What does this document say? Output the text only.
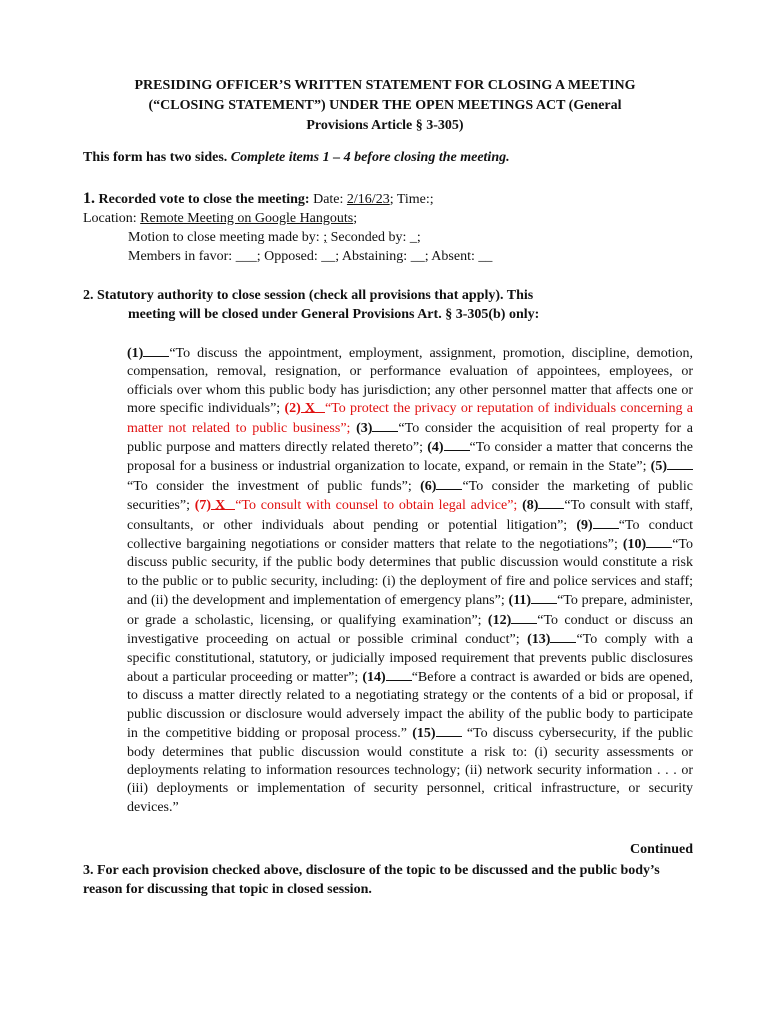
PRESIDING OFFICER’S WRITTEN STATEMENT FOR CLOSING A MEETING
(“CLOSING STATEMENT”) UNDER THE OPEN MEETINGS ACT (General
Provisions Article § 3-305)

This form has two sides. Complete items 1 – 4 before closing the meeting.

1. Recorded vote to close the meeting: Date: 2/16/23; Time:;
Location: Remote Meeting on Google Hangouts;
Motion to close meeting made by: ; Seconded by: _;
Members in favor: ___; Opposed: __; Abstaining: __; Absent: __
2. Statutory authority to close session (check all provisions that apply). This
meeting will be closed under General Provisions Art. § 3-305(b) only:

(1) “To discuss the appointment, employment, assignment, promotion, discipline, demotion, compensation, removal, resignation, or performance evaluation of appointees, employees, or officials over whom this public body has jurisdiction; any other personnel matter that affects one or more specific individuals”; (2) X “To protect the privacy or reputation of individuals concerning a matter not related to public business”; (3) “To consider the acquisition of real property for a public purpose and matters directly related thereto”; (4) “To consider a matter that concerns the proposal for a business or industrial organization to locate, expand, or remain in the State”; (5)“To consider the investment of public funds”; (6) “To consider the marketing of public securities”; (7) X “To consult with counsel to obtain legal advice”; (8) “To consult with staff, consultants, or other individuals about pending or potential litigation”; (9) “To conduct collective bargaining negotiations or consider matters that relate to the negotiations”; (10) “To discuss public security, if the public body determines that public discussion would constitute a risk to the public or to public security, including: (i) the deployment of fire and police services and staff; and (ii) the development and implementation of emergency plans”; (11) “To prepare, administer, or grade a scholastic, licensing, or qualifying examination”; (12) “To conduct or discuss an investigative proceeding on actual or possible criminal conduct”; (13) “To comply with a specific constitutional, statutory, or judicially imposed requirement that prevents public disclosures about a particular proceeding or matter”; (14) “Before a contract is awarded or bids are opened, to discuss a matter directly related to a negotiating strategy or the contents of a bid or proposal, if public discussion or disclosure would adversely impact the ability of the public body to participate in the competitive bidding or proposal process.” (15) “To discuss cybersecurity, if the public body determines that public discussion would constitute a risk to: (i) security assessments or deployments relating to information resources technology; (ii) network security information . . . or (iii) deployments or implementation of security personnel, critical infrastructure, or security devices.”

Continued

3. For each provision checked above, disclosure of the topic to be discussed and the public body’s reason for discussing that topic in closed session.
